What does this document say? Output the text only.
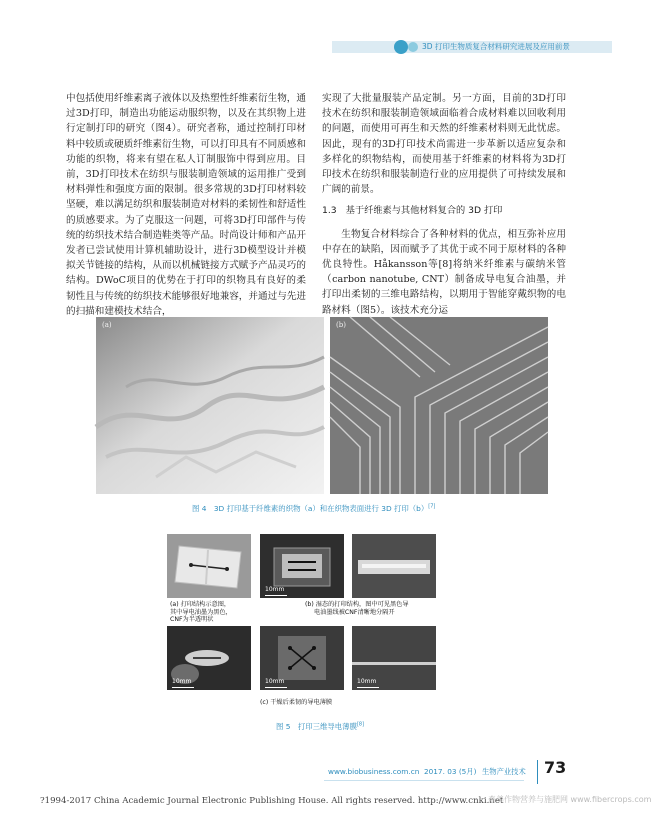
3D 打印生物质复合材料研究进展及应用前景

中包括使用纤维素离子液体以及热塑性纤维素衍生物，通过3D打印，制造出功能运动服织物，以及在其织物上进行定制打印的研究（图4）。研究者称，通过控制打印材料中较质或硬质纤维素衍生物，可以打印具有不同质感和功能的织物，将来有望在私人订制服饰中得到应用。目前，3D打印技术在纺织与服装制造领域的运用推广受到材料弹性和强度方面的限制。很多常规的3D打印材料较坚硬，难以满足纺织和服装制造对材料的柔韧性和舒适性的质感要求。为了克服这一问题，可将3D打印部件与传统的纺织技术结合制造鞋类等产品。时尚设计师和产品开发者已尝试使用计算机辅助设计，进行3D模型设计并模拟关节链接的结构，从而以机械链接方式赋予产品灵巧的结构。DWoC项目的优势在于打印的织物具有良好的柔韧性且与传统的纺织技术能够很好地兼容，并通过与先进的扫描和建模技术结合，

实现了大批量服装产品定制。另一方面，目前的3D打印技术在纺织和服装制造领域面临着合成材料难以回收利用的问题，而使用可再生和天然的纤维素材料则无此忧虑。因此，现有的3D打印技术尚需进一步革新以适应复杂和多样化的织物结构，而使用基于纤维素的材料将为3D打印技术在纺织和服装制造行业的应用提供了可持续发展和广阔的前景。

1.3　基于纤维素与其他材料复合的 3D 打印

生物复合材料综合了各种材料的优点，相互弥补应用中存在的缺陷，因而赋予了其优于或不同于原材料的各种优良特性。Håkansson等[8]将纳米纤维素与碳纳米管（carbon nanotube, CNT）制备成导电复合油墨，并打印出柔韧的三维电路结构，以期用于智能穿戴织物的电路材料（图5）。该技术充分运

(a)	(b)
图 4　3D 打印基于纤维素的织物（a）和在织物表面进行 3D 打印（b）[7]
10mm
(a) 打印结构示意图，
其中导电油墨为黑色，
CNF为半透明状
(b) 湿态的打印结构，图中可见黑色导
电油墨线被CNF清晰地分隔开
10mm	10mm	10mm
(c) 干燥后柔韧的导电薄膜
图 5　打印三维导电薄膜[8]
www.biobusiness.com.cn 2017. 03 (5月) 生物产业技术 73
?1994-2017 China Academic Journal Electronic Publishing House. All rights reserved. http://www.cnki.net
森美作物营养与施肥网 www.fibercrops.com
